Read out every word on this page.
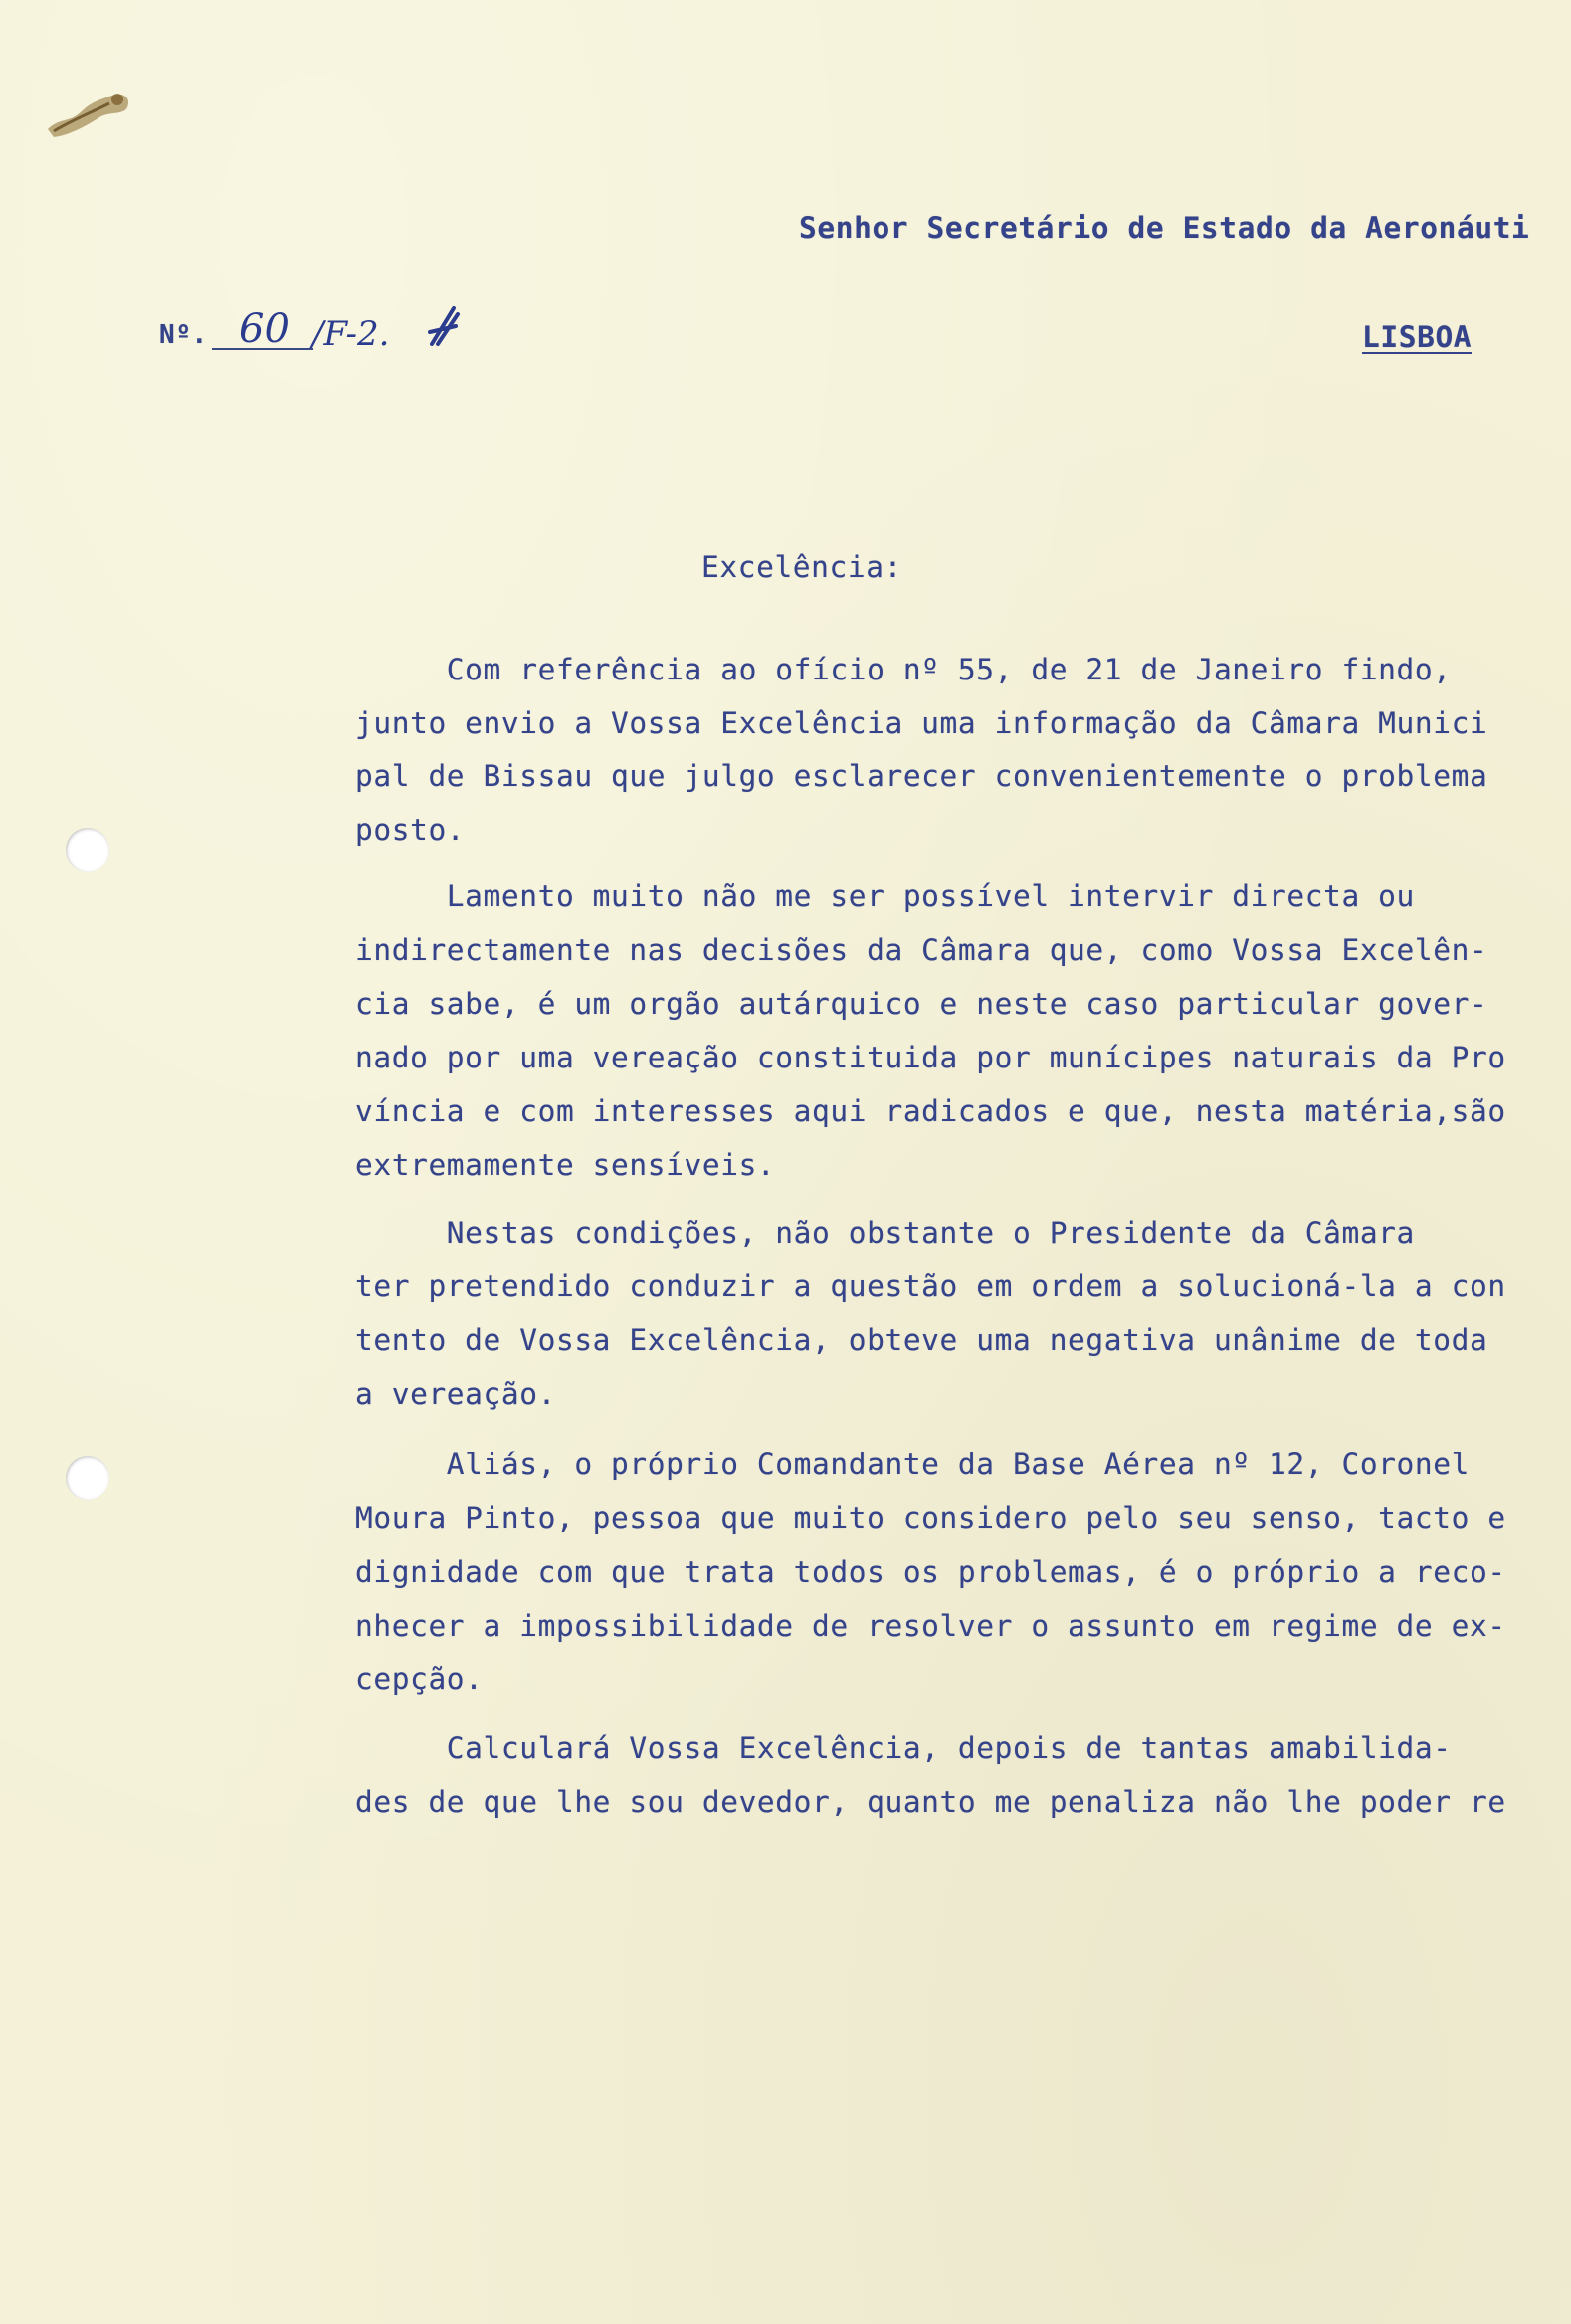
Senhor Secretário de Estado da Aeronáuti
Nº. 60 /F-2.	LISBOA
Excelência:
Com referência ao ofício nº 55, de 21 de Janeiro findo,
junto envio a Vossa Excelência uma informação da Câmara Munici
pal de Bissau que julgo esclarecer convenientemente o problema
posto.
Lamento muito não me ser possível intervir directa ou
indirectamente nas decisões da Câmara que, como Vossa Excelên-
cia sabe, é um orgão autárquico e neste caso particular gover-
nado por uma vereação constituida por munícipes naturais da Pro
víncia e com interesses aqui radicados e que, nesta matéria,são
extremamente sensíveis.
Nestas condições, não obstante o Presidente da Câmara
ter pretendido conduzir a questão em ordem a solucioná-la a con
tento de Vossa Excelência, obteve uma negativa unânime de toda
a vereação.
Aliás, o próprio Comandante da Base Aérea nº 12, Coronel
Moura Pinto, pessoa que muito considero pelo seu senso, tacto e
dignidade com que trata todos os problemas, é o próprio a reco-
nhecer a impossibilidade de resolver o assunto em regime de ex-
cepção.
Calculará Vossa Excelência, depois de tantas amabilida-
des de que lhe sou devedor, quanto me penaliza não lhe poder re
